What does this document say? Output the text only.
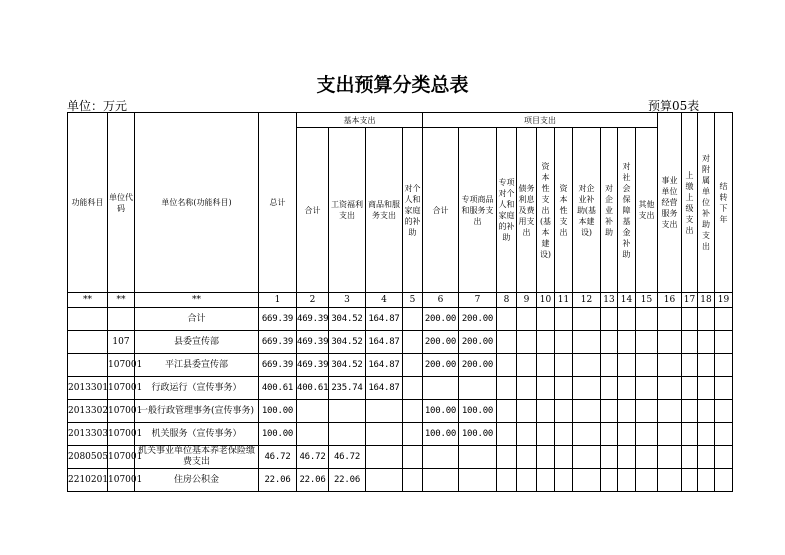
支出预算分类总表
单位：万元	预算05表
功能科目	单位代码	单位名称(功能科目)	总计	基本支出				项目支出										事业单位经营服务支出	上缴上级支出	对附属单位补助支出	结转下年
				合计	工资福利支出	商品和服务支出	对个人和家庭的补助	合计	专项商品和服务支出	专项对个人和家庭的补助	债务利息及费用支出	资本性支出(基本建设)	资本性支出	对企业补助(基本建设)	对企业补助	对社会保障基金补助	其他支出				
**	**	**	1	2	3	4	5	6	7	8	9	10	11	12	13	14	15	16	17	18	19
		合计	669.39	469.39	304.52	164.87		200.00	200.00												
	107	县委宣传部	669.39	469.39	304.52	164.87		200.00	200.00												
	107001	平江县委宣传部	669.39	469.39	304.52	164.87		200.00	200.00												
2013301	107001	行政运行（宣传事务）	400.61	400.61	235.74	164.87															
2013302	107001	一般行政管理事务(宣传事务)	100.00					100.00	100.00												
2013303	107001	机关服务（宣传事务）	100.00					100.00	100.00												
2080505	107001	机关事业单位基本养老保险缴费支出	46.72	46.72	46.72																
2210201	107001	住房公积金	22.06	22.06	22.06																
